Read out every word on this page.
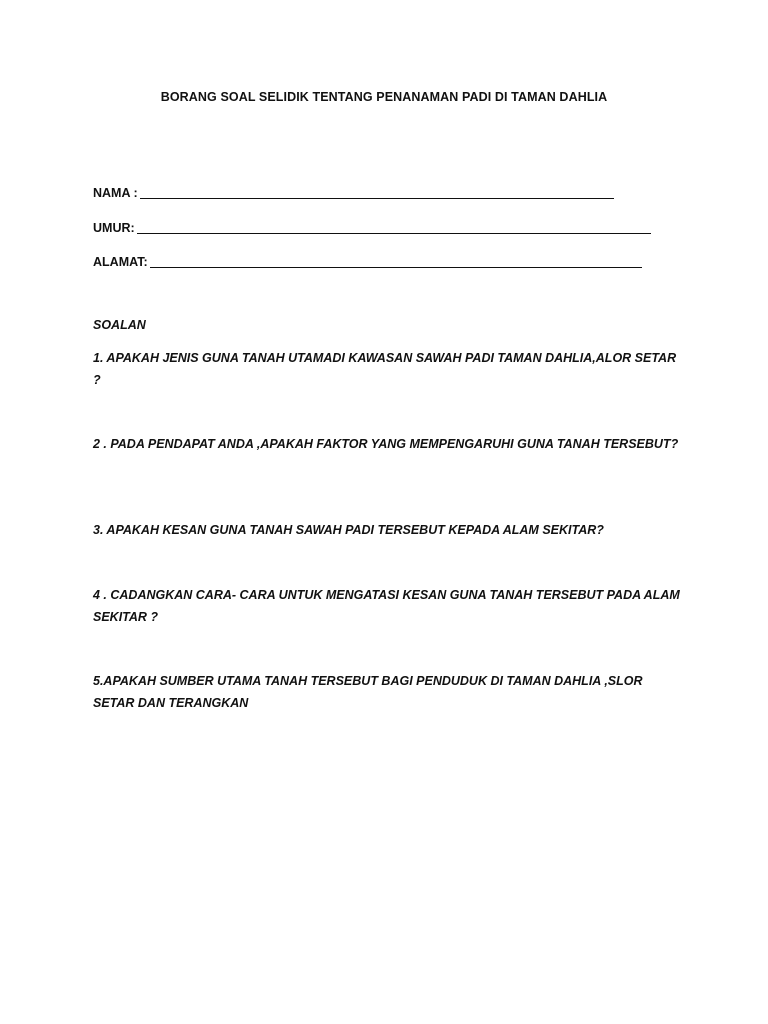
BORANG SOAL SELIDIK TENTANG PENANAMAN PADI DI TAMAN DAHLIA
NAMA :
UMUR:
ALAMAT:
SOALAN
1. APAKAH JENIS GUNA TANAH UTAMADI KAWASAN SAWAH PADI TAMAN DAHLIA,ALOR SETAR ?
2 . PADA PENDAPAT ANDA ,APAKAH FAKTOR YANG MEMPENGARUHI GUNA TANAH TERSEBUT?
3. APAKAH KESAN GUNA TANAH SAWAH PADI TERSEBUT KEPADA ALAM SEKITAR?
4 . CADANGKAN CARA- CARA UNTUK MENGATASI KESAN GUNA TANAH TERSEBUT PADA ALAM SEKITAR ?
5.APAKAH SUMBER UTAMA TANAH TERSEBUT BAGI PENDUDUK DI TAMAN DAHLIA ,SLOR SETAR DAN TERANGKAN
